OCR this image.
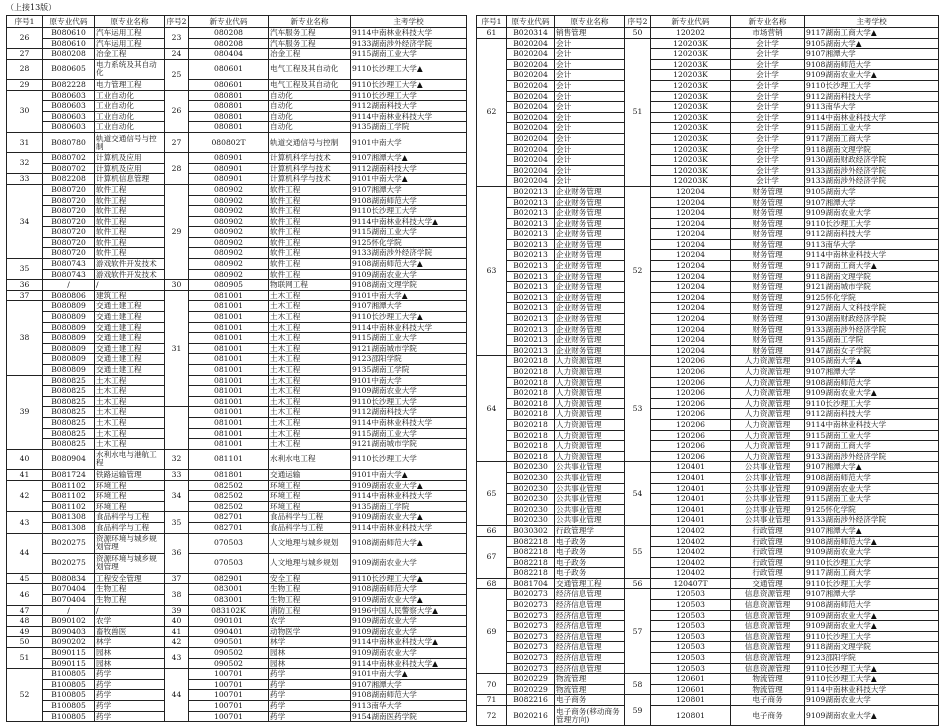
（上接13版）
序号1	原专业代码	原专业名称	序号2	新专业代码	新专业名称	主考学校
26	B080610	汽车运用工程	23	080208	汽车服务工程	9114中南林业科技大学
	B080610	汽车运用工程		080208	汽车服务工程	9133湖南涉外经济学院
27	B080208	冶金工程	24	080404	冶金工程	9115湖南工业大学
28	B080605	电力系统及其自动化	25	080601	电气工程及其自动化	9110长沙理工大学▲
29	B082228	电力管理工程		080601	电气工程及其自动化	9110长沙理工大学▲
30	B080603	工业自动化	26	080801	自动化	9110长沙理工大学
	B080603	工业自动化		080801	自动化	9112湖南科技大学
	B080603	工业自动化		080801	自动化	9114中南林业科技大学
	B080603	工业自动化		080801	自动化	9135湖南工学院
31	B080780	轨道交通信号与控制	27	080802T	轨道交通信号与控制	9101中南大学
32	B080702	计算机及应用	28	080901	计算机科学与技术	9107湘潭大学▲
	B080702	计算机及应用		080901	计算机科学与技术	9112湖南科技大学
33	B082208	计算机信息管理		080901	计算机科学与技术	9101中南大学▲
34	B080720	软件工程	29	080902	软件工程	9107湘潭大学
	B080720	软件工程		080902	软件工程	9108湖南师范大学
	B080720	软件工程		080902	软件工程	9110长沙理工大学
	B080720	软件工程		080902	软件工程	9114中南林业科技大学▲
	B080720	软件工程		080902	软件工程	9115湖南工业大学
	B080720	软件工程		080902	软件工程	9125怀化学院
	B080720	软件工程		080902	软件工程	9133湖南涉外经济学院
35	B080743	游戏软件开发技术		080902	软件工程	9108湖南师范大学▲
	B080743	游戏软件开发技术		080902	软件工程	9109湖南农业大学
36	/	/	30	080905	物联网工程	9108湖南文理学院
37	B080806	建筑工程	31	081001	土木工程	9101中南大学▲
38	B080809	交通土建工程		081001	土木工程	9107湘潭大学
	B080809	交通土建工程		081001	土木工程	9110长沙理工大学▲
	B080809	交通土建工程		081001	土木工程	9114中南林业科技大学
	B080809	交通土建工程		081001	土木工程	9115湖南工业大学
	B080809	交通土建工程		081001	土木工程	9121湖南城市学院
	B080809	交通土建工程		081001	土木工程	9123邵阳学院
	B080809	交通土建工程		081001	土木工程	9135湖南工学院
39	B080825	土木工程		081001	土木工程	9101中南大学
	B080825	土木工程		081001	土木工程	9109湖南农业大学
	B080825	土木工程		081001	土木工程	9110长沙理工大学
	B080825	土木工程		081001	土木工程	9112湖南科技大学
	B080825	土木工程		081001	土木工程	9114中南林业科技大学
	B080825	土木工程		081001	土木工程	9115湖南工业大学
	B080825	土木工程		081001	土木工程	9121湖南城市学院
40	B080904	水利水电与港航工程	32	081101	水利水电工程	9110长沙理工大学
41	B081724	铁路运输管理	33	081801	交通运输	9101中南大学▲
42	B081102	环境工程	34	082502	环境工程	9109湖南农业大学▲
	B081102	环境工程		082502	环境工程	9114中南林业科技大学
	B081102	环境工程		082502	环境工程	9135湖南工学院
43	B081308	食品科学与工程	35	082701	食品科学与工程	9109湖南农业大学▲
	B081308	食品科学与工程		082701	食品科学与工程	9114中南林业科技大学
44	B020275	资源环境与城乡规划管理	36	070503	人文地理与城乡规划	9108湖南师范大学▲
	B020275	资源环境与城乡规划管理		070503	人文地理与城乡规划	9109湖南农业大学
45	B080834	工程安全管理	37	082901	安全工程	9110长沙理工大学▲
46	B070404	生物工程	38	083001	生物工程	9108湖南师范大学
	B070404	生物工程		083001	生物工程	9109湖南农业大学▲
47	/	/	39	083102K	消防工程	9196中国人民警察大学▲
48	B090102	农学	40	090101	农学	9109湖南农业大学
49	B090403	畜牧兽医	41	090401	动物医学	9109湖南农业大学
50	B090202	林学	42	090501	林学	9114中南林业科技大学▲
51	B090115	园林	43	090502	园林	9109湖南农业大学
	B090115	园林		090502	园林	9114中南林业科技大学▲
52	B100805	药学	44	100701	药学	9101中南大学▲
	B100805	药学		100701	药学	9107湘潭大学
	B100805	药学		100701	药学	9108湖南师范大学
	B100805	药学		100701	药学	9113南华大学
	B100805	药学		100701	药学	9154湖南医药学院
序号1	原专业代码	原专业名称	序号2	新专业代码	新专业名称	主考学校
61	B020314	销售管理	50	120202	市场营销	9117湖南工商大学▲
62	B020204	会计	51	120203K	会计学	9105湖南大学▲
	B020204	会计		120203K	会计学	9107湘潭大学
	B020204	会计		120203K	会计学	9108湖南师范大学
	B020204	会计		120203K	会计学	9109湖南农业大学▲
	B020204	会计		120203K	会计学	9110长沙理工大学
	B020204	会计		120203K	会计学	9112湖南科技大学
	B020204	会计		120203K	会计学	9113南华大学
	B020204	会计		120203K	会计学	9114中南林业科技大学
	B020204	会计		120203K	会计学	9115湖南工业大学
	B020204	会计		120203K	会计学	9117湖南工商大学
	B020204	会计		120203K	会计学	9118湖南文理学院
	B020204	会计		120203K	会计学	9130湖南财政经济学院
	B020204	会计		120203K	会计学	9133湖南涉外经济学院
	B020204	会计		120203K	会计学	9133湖南涉外经济学院
63	B020213	企业财务管理	52	120204	财务管理	9105湖南大学
	B020213	企业财务管理		120204	财务管理	9107湘潭大学
	B020213	企业财务管理		120204	财务管理	9109湖南农业大学
	B020213	企业财务管理		120204	财务管理	9110长沙理工大学
	B020213	企业财务管理		120204	财务管理	9112湖南科技大学
	B020213	企业财务管理		120204	财务管理	9113南华大学
	B020213	企业财务管理		120204	财务管理	9114中南林业科技大学
	B020213	企业财务管理		120204	财务管理	9117湖南工商大学▲
	B020213	企业财务管理		120204	财务管理	9118湖南文理学院
	B020213	企业财务管理		120204	财务管理	9121湖南城市学院
	B020213	企业财务管理		120204	财务管理	9125怀化学院
	B020213	企业财务管理		120204	财务管理	9127湖南人文科技学院
	B020213	企业财务管理		120204	财务管理	9130湖南财政经济学院
	B020213	企业财务管理		120204	财务管理	9133湖南涉外经济学院
	B020213	企业财务管理		120204	财务管理	9135湖南工学院
	B020213	企业财务管理		120204	财务管理	9147湖南女子学院
64	B020218	人力资源管理	53	120206	人力资源管理	9105湖南大学▲
	B020218	人力资源管理		120206	人力资源管理	9107湘潭大学
	B020218	人力资源管理		120206	人力资源管理	9108湖南师范大学
	B020218	人力资源管理		120206	人力资源管理	9109湖南农业大学▲
	B020218	人力资源管理		120206	人力资源管理	9110长沙理工大学
	B020218	人力资源管理		120206	人力资源管理	9112湖南科技大学
	B020218	人力资源管理		120206	人力资源管理	9114中南林业科技大学
	B020218	人力资源管理		120206	人力资源管理	9115湖南工业大学
	B020218	人力资源管理		120206	人力资源管理	9117湖南工商大学
	B020218	人力资源管理		120206	人力资源管理	9133湖南涉外经济学院
65	B020230	公共事业管理	54	120401	公共事业管理	9107湘潭大学▲
	B020230	公共事业管理		120401	公共事业管理	9108湖南师范大学
	B020230	公共事业管理		120401	公共事业管理	9109湖南农业大学
	B020230	公共事业管理		120401	公共事业管理	9115湖南工业大学
	B020230	公共事业管理		120401	公共事业管理	9125怀化学院
	B020230	公共事业管理		120401	公共事业管理	9133湖南涉外经济学院
66	B030302	行政管理学	55	120402	行政管理	9107湘潭大学▲
67	B082218	电子政务		120402	行政管理	9108湖南师范大学▲
	B082218	电子政务		120402	行政管理	9109湖南农业大学
	B082218	电子政务		120402	行政管理	9110长沙理工大学
	B082218	电子政务		120402	行政管理	9117湖南工商大学
68	B081704	交通管理工程	56	120407T	交通管理	9110长沙理工大学
69	B020273	经济信息管理	57	120503	信息资源管理	9107湘潭大学
	B020273	经济信息管理		120503	信息资源管理	9108湖南师范大学
	B020273	经济信息管理		120503	信息资源管理	9109湖南农业大学▲
	B020273	经济信息管理		120503	信息资源管理	9109湖南农业大学▲
	B020273	经济信息管理		120503	信息资源管理	9110长沙理工大学
	B020273	经济信息管理		120503	信息资源管理	9118湖南文理学院
	B020273	经济信息管理		120503	信息资源管理	9123邵阳学院
	B020273	经济信息管理		120503	信息资源管理	9110长沙理工大学▲
70	B020229	物流管理	58	120601	物流管理	9110长沙理工大学▲
	B020229	物流管理		120601	物流管理	9114中南林业科技大学
71	B082216	电子商务	59	120801	电子商务	9109湖南农业大学
72	B020216	电子商务(移动商务管理方向)		120801	电子商务	9109湖南农业大学▲
